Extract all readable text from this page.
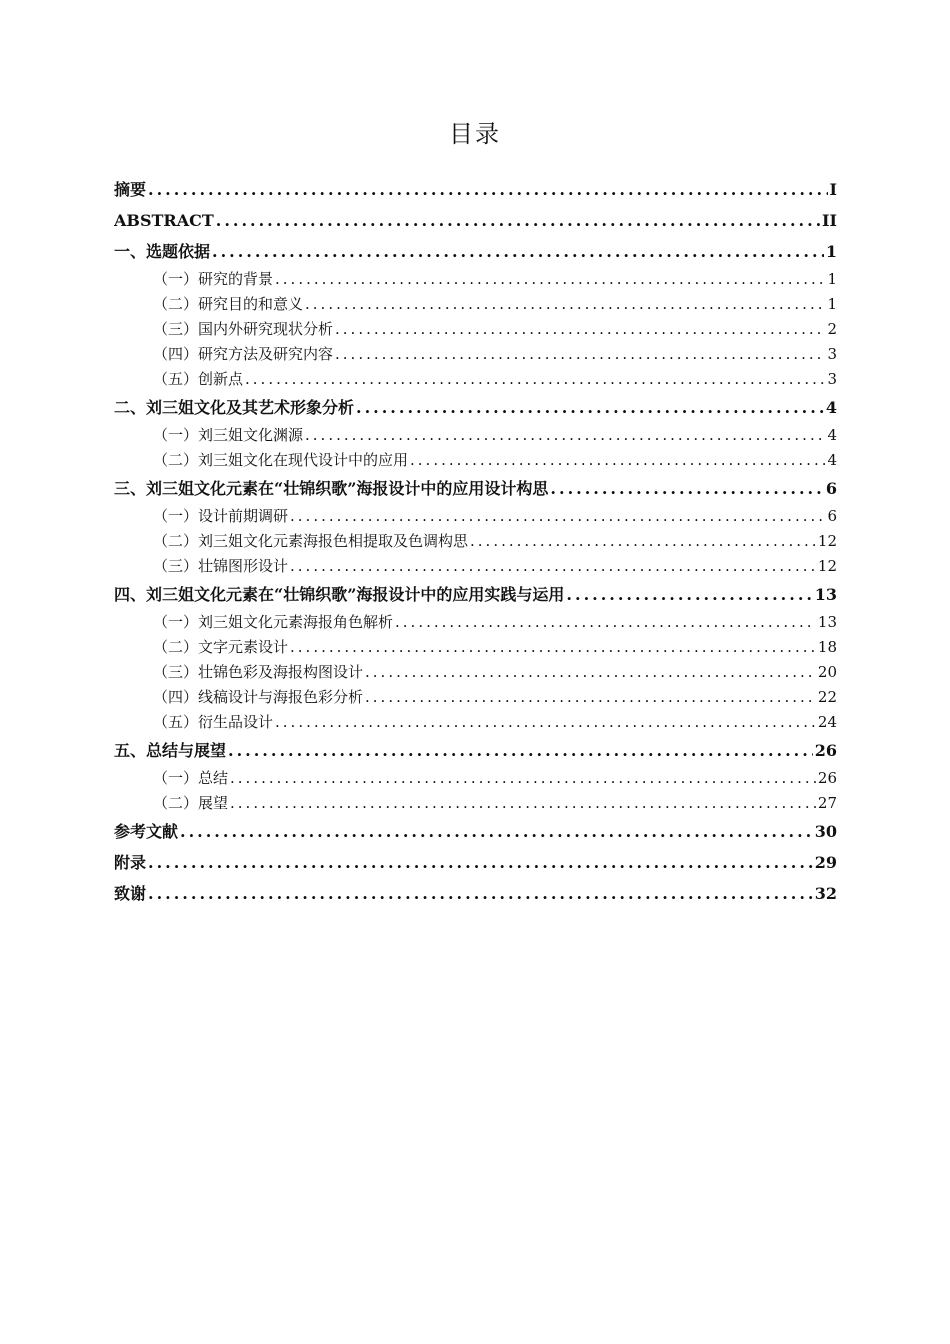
目录
摘要 .....	I
ABSTRACT .....	II
一、选题依据 .....	1
（一）研究的背景 .....	1
（二）研究目的和意义 .....	1
（三）国内外研究现状分析 .....	2
（四）研究方法及研究内容 .....	3
（五）创新点 .....	3
二、刘三姐文化及其艺术形象分析 .....	4
（一）刘三姐文化渊源 .....	4
（二）刘三姐文化在现代设计中的应用 .....	4
三、刘三姐文化元素在“壮锦织歌”海报设计中的应用设计构思 .....	6
（一）设计前期调研 .....	6
（二）刘三姐文化元素海报色相提取及色调构思 .....	12
（三）壮锦图形设计 .....	12
四、刘三姐文化元素在“壮锦织歌”海报设计中的应用实践与运用 .....	13
（一）刘三姐文化元素海报角色解析 .....	13
（二）文字元素设计 .....	18
（三）壮锦色彩及海报构图设计 .....	20
（四）线稿设计与海报色彩分析 .....	22
（五）衍生品设计 .....	24
五、总结与展望 .....	26
（一）总结 .....	26
（二）展望 .....	27
参考文献 .....	30
附录 .....	29
致谢 .....	32
